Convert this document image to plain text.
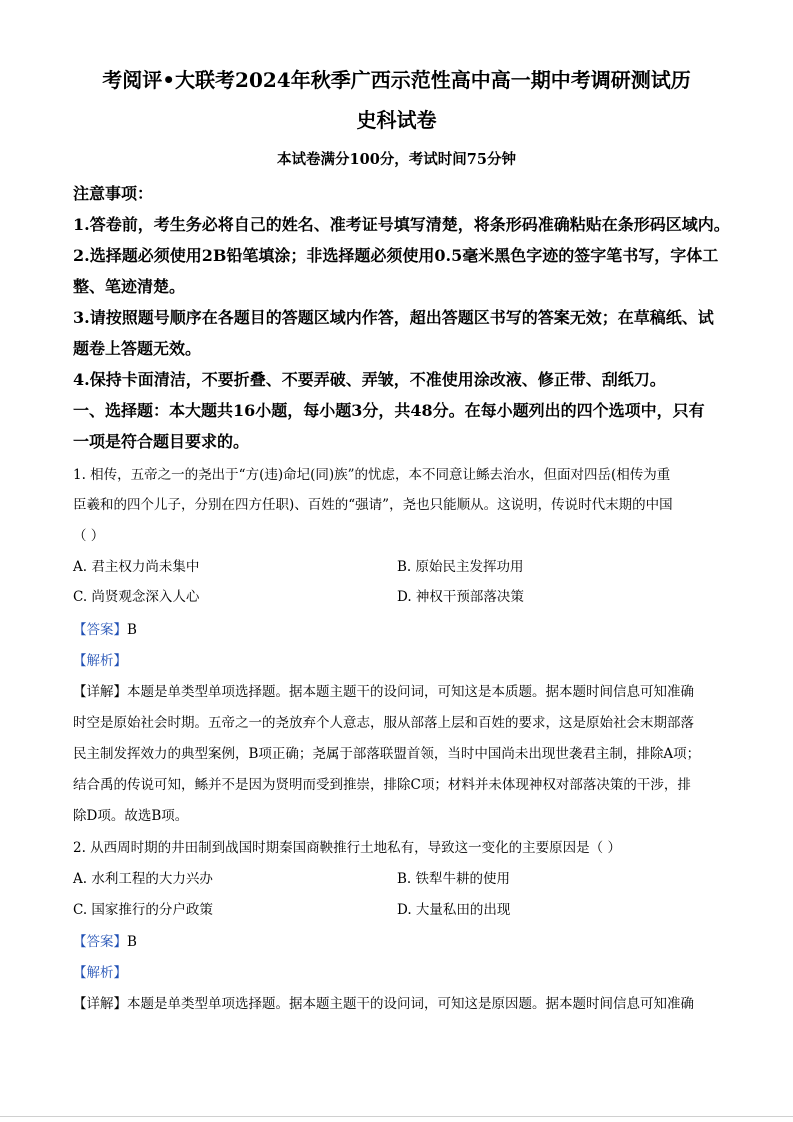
考阅评•大联考2024年秋季广西示范性高中高一期中考调研测试历
史科试卷
本试卷满分100分，考试时间75分钟
注意事项：
1.答卷前，考生务必将自己的姓名、准考证号填写清楚，将条形码准确粘贴在条形码区域内。
2.选择题必须使用2B铅笔填涂；非选择题必须使用0.5毫米黑色字迹的签字笔书写，字体工
整、笔迹清楚。
3.请按照题号顺序在各题目的答题区域内作答，超出答题区书写的答案无效；在草稿纸、试
题卷上答题无效。
4.保持卡面清洁，不要折叠、不要弄破、弄皱，不准使用涂改液、修正带、刮纸刀。
一、选择题：本大题共16小题，每小题3分，共48分。在每小题列出的四个选项中，只有
一项是符合题目要求的。
1. 相传，五帝之一的尧出于“方(违)命圮(同)族”的忧虑，本不同意让鲧去治水，但面对四岳(相传为重
臣羲和的四个儿子，分别在四方任职)、百姓的“强请”，尧也只能顺从。这说明，传说时代末期的中国
（ ）
A. 君主权力尚未集中	B. 原始民主发挥功用
C. 尚贤观念深入人心	D. 神权干预部落决策
【答案】B
【解析】
【详解】本题是单类型单项选择题。据本题主题干的设问词，可知这是本质题。据本题时间信息可知准确
时空是原始社会时期。五帝之一的尧放弃个人意志，服从部落上层和百姓的要求，这是原始社会末期部落
民主制发挥效力的典型案例，B项正确；尧属于部落联盟首领，当时中国尚未出现世袭君主制，排除A项；
结合禹的传说可知，鲧并不是因为贤明而受到推崇，排除C项；材料并未体现神权对部落决策的干涉，排
除D项。故选B项。
2. 从西周时期的井田制到战国时期秦国商鞅推行土地私有，导致这一变化的主要原因是（ ）
A. 水利工程的大力兴办	B. 铁犁牛耕的使用
C. 国家推行的分户政策	D. 大量私田的出现
【答案】B
【解析】
【详解】本题是单类型单项选择题。据本题主题干的设问词，可知这是原因题。据本题时间信息可知准确
